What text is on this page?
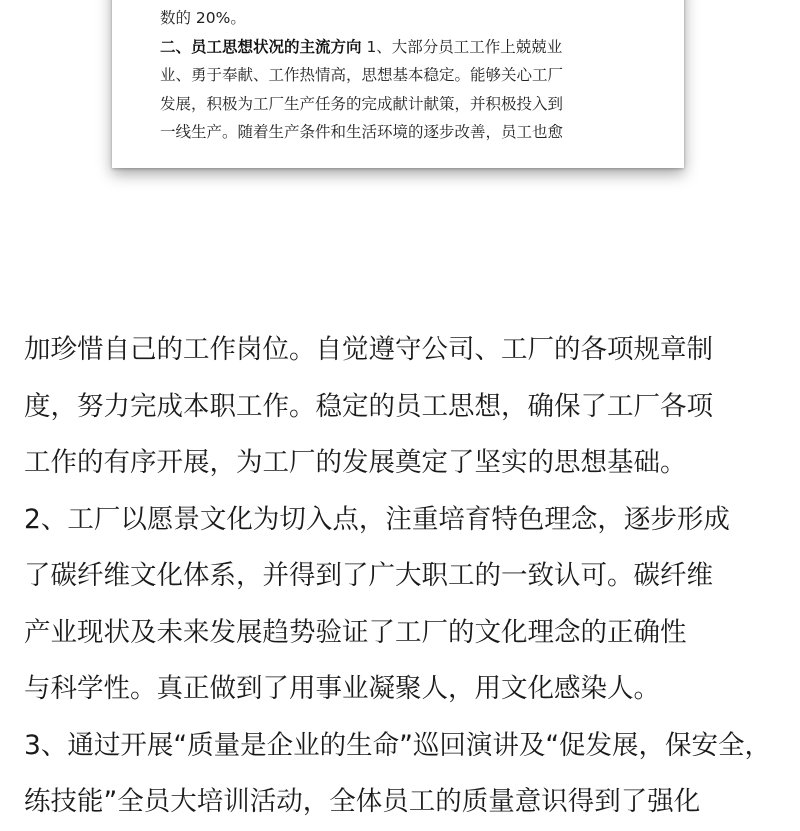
数的 20%。
二、员工思想状况的主流方向 1、大部分员工工作上兢兢业
业、勇于奉献、工作热情高，思想基本稳定。能够关心工厂
发展，积极为工厂生产任务的完成献计献策，并积极投入到
一线生产。随着生产条件和生活环境的逐步改善，员工也愈
加珍惜自己的工作岗位。自觉遵守公司、工厂的各项规章制
度，努力完成本职工作。稳定的员工思想，确保了工厂各项
工作的有序开展，为工厂的发展奠定了坚实的思想基础。
2、工厂以愿景文化为切入点，注重培育特色理念，逐步形成
了碳纤维文化体系，并得到了广大职工的一致认可。碳纤维
产业现状及未来发展趋势验证了工厂的文化理念的正确性
与科学性。真正做到了用事业凝聚人，用文化感染人。
3、通过开展“质量是企业的生命”巡回演讲及“促发展，保安全，
练技能”全员大培训活动，全体员工的质量意识得到了强化
